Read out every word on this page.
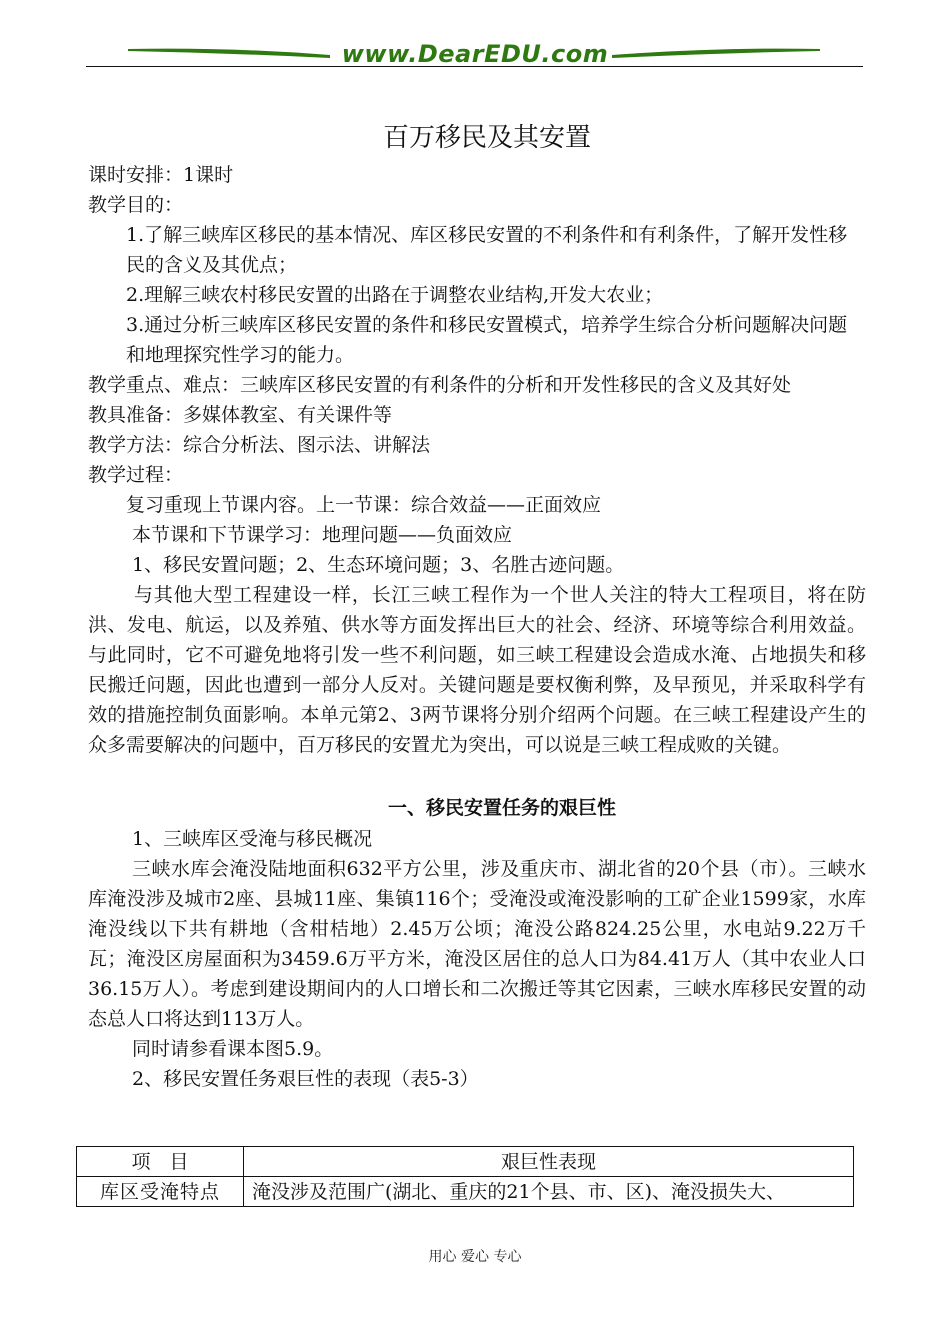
www.DearEDU.com
百万移民及其安置
课时安排：1课时
教学目的：
1.了解三峡库区移民的基本情况、库区移民安置的不利条件和有利条件，了解开发性移民的含义及其优点；
2.理解三峡农村移民安置的出路在于调整农业结构,开发大农业；
3.通过分析三峡库区移民安置的条件和移民安置模式，培养学生综合分析问题解决问题和地理探究性学习的能力。
教学重点、难点：三峡库区移民安置的有利条件的分析和开发性移民的含义及其好处
教具准备：多媒体教室、有关课件等
教学方法：综合分析法、图示法、讲解法
教学过程：
复习重现上节课内容。上一节课：综合效益——正面效应
本节课和下节课学习：地理问题——负面效应
1、移民安置问题；2、生态环境问题；3、名胜古迹问题。
与其他大型工程建设一样，长江三峡工程作为一个世人关注的特大工程项目，将在防洪、发电、航运，以及养殖、供水等方面发挥出巨大的社会、经济、环境等综合利用效益。与此同时，它不可避免地将引发一些不利问题，如三峡工程建设会造成水淹、占地损失和移民搬迁问题，因此也遭到一部分人反对。关键问题是要权衡利弊，及早预见，并采取科学有效的措施控制负面影响。本单元第2、3两节课将分别介绍两个问题。在三峡工程建设产生的众多需要解决的问题中，百万移民的安置尤为突出，可以说是三峡工程成败的关键。
一、移民安置任务的艰巨性
1、三峡库区受淹与移民概况
三峡水库会淹没陆地面积632平方公里，涉及重庆市、湖北省的20个县（市）。三峡水库淹没涉及城市2座、县城11座、集镇116个；受淹没或淹没影响的工矿企业1599家，水库淹没线以下共有耕地（含柑桔地）2.45万公顷；淹没公路824.25公里，水电站9.22万千瓦；淹没区房屋面积为3459.6万平方米，淹没区居住的总人口为84.41万人（其中农业人口36.15万人）。考虑到建设期间内的人口增长和二次搬迁等其它因素，三峡水库移民安置的动态总人口将达到113万人。
同时请参看课本图5.9。
2、移民安置任务艰巨性的表现（表5-3）
项　目	艰巨性表现
库区受淹特点	淹没涉及范围广(湖北、重庆的21个县、市、区)、淹没损失大、
用心 爱心 专心
